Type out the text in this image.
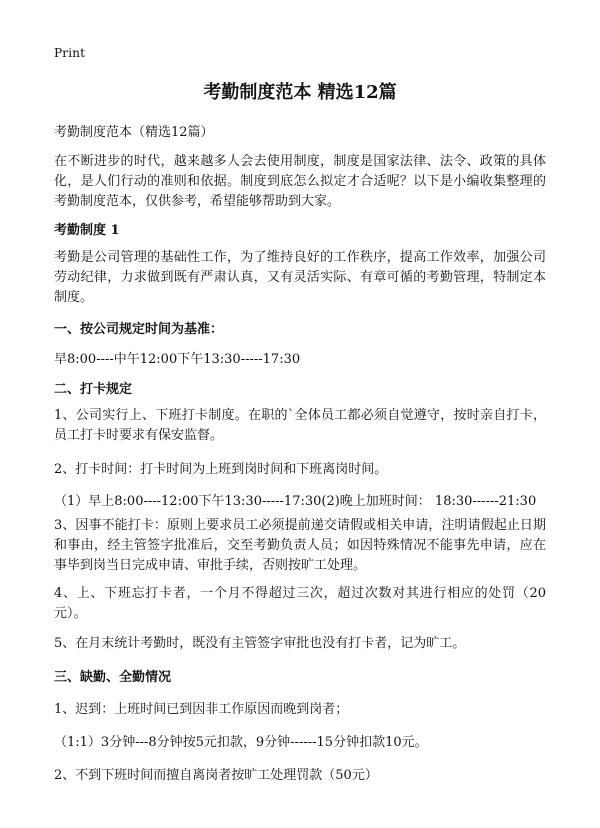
Print
考勤制度范本 精选12篇
考勤制度范本（精选12篇）
在不断进步的时代，越来越多人会去使用制度，制度是国家法律、法令、政策的具体化，是人们行动的准则和依据。制度到底怎么拟定才合适呢？以下是小编收集整理的考勤制度范本，仅供参考，希望能够帮助到大家。
考勤制度 1
考勤是公司管理的基础性工作，为了维持良好的工作秩序，提高工作效率，加强公司劳动纪律，力求做到既有严肃认真，又有灵活实际、有章可循的考勤管理，特制定本制度。
一、按公司规定时间为基准：
早8:00----中午12:00下午13:30-----17:30
二、打卡规定
1、公司实行上、下班打卡制度。在职的`全体员工都必须自觉遵守，按时亲自打卡，员工打卡时要求有保安监督。
2、打卡时间：打卡时间为上班到岗时间和下班离岗时间。
（1）早上8:00----12:00下午13:30-----17:30(2)晚上加班时间： 18:30------21:30
3、因事不能打卡：原则上要求员工必须提前递交请假或相关申请，注明请假起止日期和事由，经主管签字批准后，交至考勤负责人员；如因特殊情况不能事先申请，应在事毕到岗当日完成申请、审批手续，否则按旷工处理。
4、上、下班忘打卡者，一个月不得超过三次，超过次数对其进行相应的处罚（20元）。
5、在月末统计考勤时，既没有主管签字审批也没有打卡者，记为旷工。
三、缺勤、全勤情况
1、迟到：上班时间已到因非工作原因而晚到岗者；
（1:1）3分钟---8分钟按5元扣款，9分钟------15分钟扣款10元。
2、不到下班时间而擅自离岗者按旷工处理罚款（50元）
